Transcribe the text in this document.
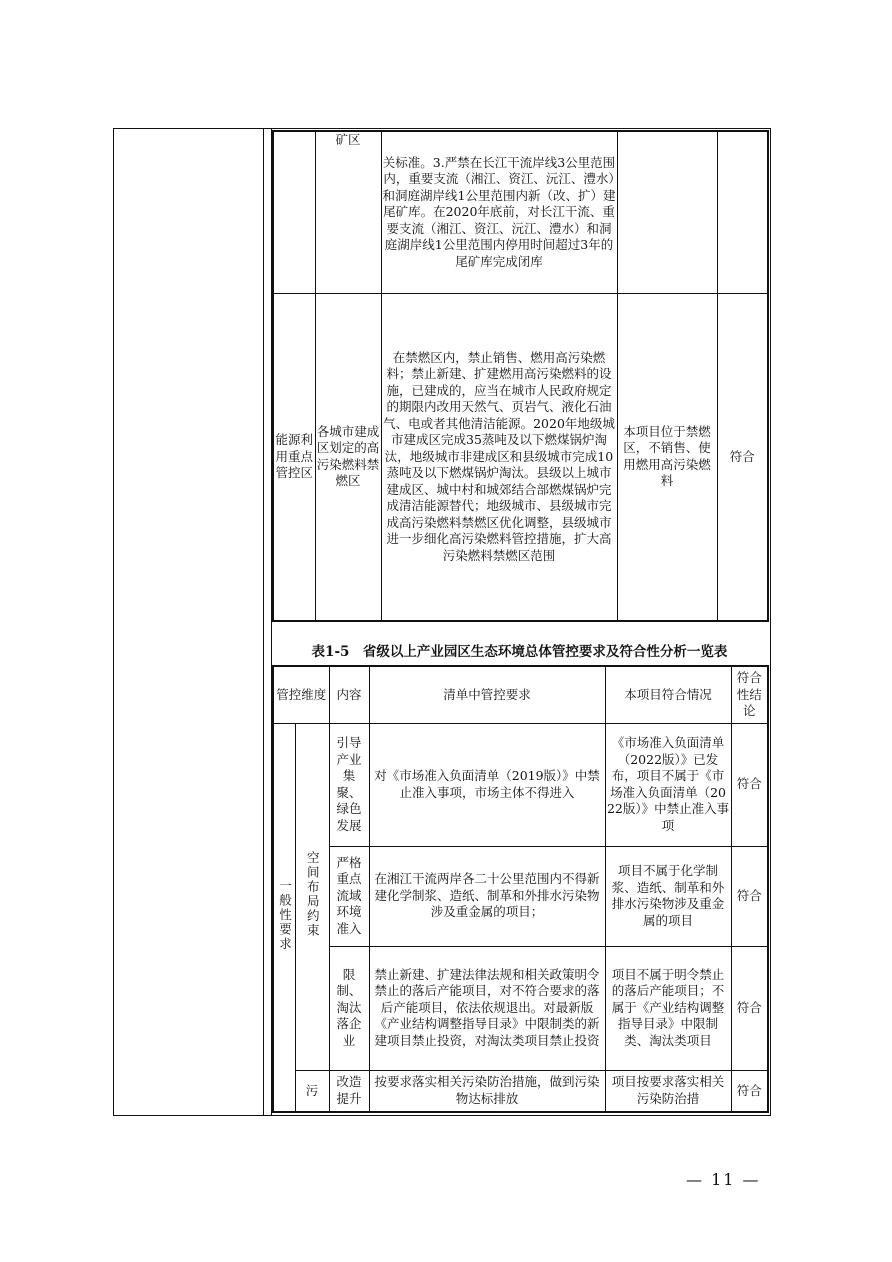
	矿区	关标准。3.严禁在长江干流岸线3公里范围内，重要支流（湘江、资江、沅江、澧水）和洞庭湖岸线1公里范围内新（改、扩）建尾矿库。在2020年底前，对长江干流、重要支流（湘江、资江、沅江、澧水）和洞庭湖岸线1公里范围内停用时间超过3年的尾矿库完成闭库		
能源利用重点管控区	各城市建成区划定的高污染燃料禁燃区	在禁燃区内，禁止销售、燃用高污染燃料；禁止新建、扩建燃用高污染燃料的设施，已建成的，应当在城市人民政府规定的期限内改用天然气、页岩气、液化石油气、电或者其他清洁能源。2020年地级城市建成区完成35蒸吨及以下燃煤锅炉淘汰，地级城市非建成区和县级城市完成10蒸吨及以下燃煤锅炉淘汰。县级以上城市建成区、城中村和城郊结合部燃煤锅炉完成清洁能源替代；地级城市、县级城市完成高污染燃料禁燃区优化调整，县级城市进一步细化高污染燃料管控措施，扩大高污染燃料禁燃区范围	本项目位于禁燃区，不销售、使用燃用高污染燃料	符合
表1-5　省级以上产业园区生态环境总体管控要求及符合性分析一览表
管控维度		内容	清单中管控要求	本项目符合情况	符合性结论
一般性要求	空间布局约束	引导产业集聚、绿色发展	对《市场准入负面清单（2019版）》中禁止准入事项，市场主体不得进入	《市场准入负面清单（2022版）》已发布，项目不属于《市场准入负面清单（2022版）》中禁止准入事项	符合
		严格重点流域环境准入	在湘江干流两岸各二十公里范围内不得新建化学制浆、造纸、制革和外排水污染物涉及重金属的项目；	项目不属于化学制浆、造纸、制革和外排水污染物涉及重金属的项目	符合
		限制、淘汰落企业	禁止新建、扩建法律法规和相关政策明令禁止的落后产能项目，对不符合要求的落后产能项目，依法依规退出。对最新版《产业结构调整指导目录》中限制类的新建项目禁止投资，对淘汰类项目禁止投资	项目不属于明令禁止的落后产能项目；不属于《产业结构调整指导目录》中限制类、淘汰类项目	符合
	污	改造提升	按要求落实相关污染防治措施，做到污染物达标排放	项目按要求落实相关污染防治措	符合
— 11 —
